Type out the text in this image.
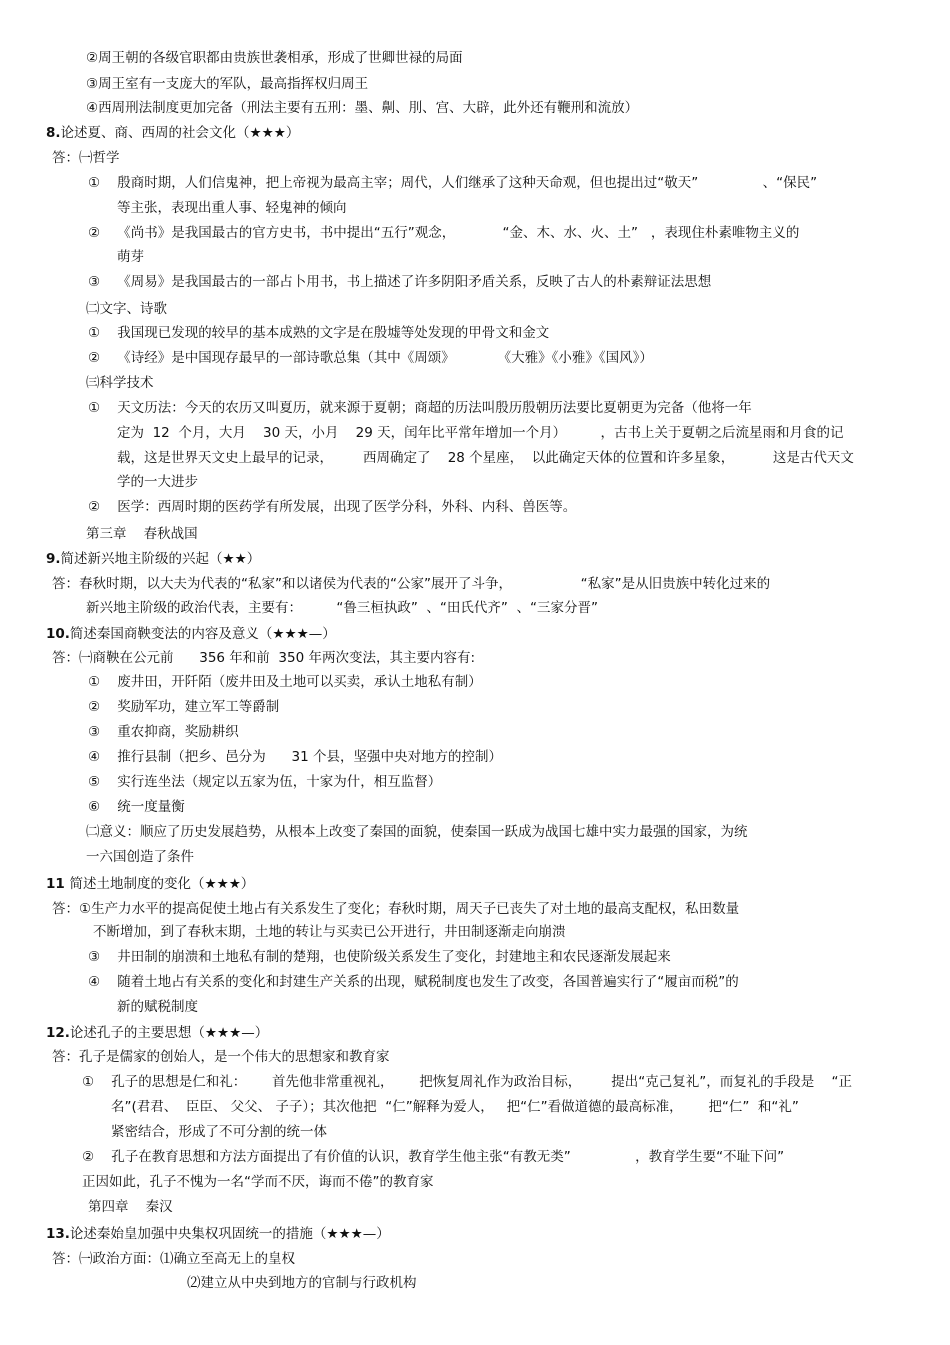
②周王朝的各级官职都由贵族世袭相承，形成了世卿世禄的局面
③周王室有一支庞大的军队，最高指挥权归周王
④西周刑法制度更加完备（刑法主要有五刑：墨、劓、刖、宫、大辟，此外还有鞭刑和流放）
8.论述夏、商、西周的社会文化（★★★）
答：㈠哲学
①    殷商时期，人们信鬼神，把上帝视为最高主宰；周代，人们继承了这种天命观，但也提出过“敬天”               、“保民”
等主张，表现出重人事、轻鬼神的倾向
②    《尚书》是我国最古的官方史书，书中提出“五行”观念，           “金、木、水、火、土”   ，表现住朴素唯物主义的
萌芽
③    《周易》是我国最古的一部占卜用书，书上描述了许多阴阳矛盾关系，反映了古人的朴素辩证法思想
㈡文字、诗歌
①    我国现已发现的较早的基本成熟的文字是在殷墟等处发现的甲骨文和金文
②    《诗经》是中国现存最早的一部诗歌总集（其中《周颂》          《大雅》《小雅》《国风》）
㈢科学技术
①    天文历法：今天的农历又叫夏历，就来源于夏朝；商超的历法叫殷历殷朝历法要比夏朝更为完备（他将一年
定为  12  个月，大月    30 天，小月    29 天，闰年比平常年增加一个月）        ，古书上关于夏朝之后流星雨和月食的记
载，这是世界天文史上最早的记录，       西周确定了    28 个星座，  以此确定天体的位置和许多星象，         这是古代天文
学的一大进步
②    医学：西周时期的医药学有所发展，出现了医学分科，外科、内科、兽医等。
第三章    春秋战国
9.简述新兴地主阶级的兴起（★★）
答：春秋时期，以大夫为代表的“私家”和以诸侯为代表的“公家”展开了斗争，                “私家”是从旧贵族中转化过来的
新兴地主阶级的政治代表，主要有：        “鲁三桓执政”  、“田氏代齐”  、“三家分晋”
10.简述秦国商鞅变法的内容及意义（★★★—）
答：㈠商鞅在公元前      356 年和前  350 年两次变法，其主要内容有:
①    废井田，开阡陌（废井田及土地可以买卖，承认土地私有制）
②    奖励军功，建立军工等爵制
③    重农抑商，奖励耕织
④    推行县制（把乡、邑分为      31 个县，坚强中央对地方的控制）
⑤    实行连坐法（规定以五家为伍，十家为什，相互监督）
⑥    统一度量衡
㈡意义：顺应了历史发展趋势，从根本上改变了秦国的面貌，使秦国一跃成为战国七雄中实力最强的国家，为统
一六国创造了条件
11 简述土地制度的变化（★★★）
答：①生产力水平的提高促使土地占有关系发生了变化；春秋时期，周天子已丧失了对土地的最高支配权，私田数量
不断增加，到了春秋末期，土地的转让与买卖已公开进行，井田制逐渐走向崩溃
③    井田制的崩溃和土地私有制的楚翔，也使阶级关系发生了变化，封建地主和农民逐渐发展起来
④    随着土地占有关系的变化和封建生产关系的出现，赋税制度也发生了改变，各国普遍实行了“履亩而税”的
新的赋税制度
12.论述孔子的主要思想（★★★—）
答：孔子是儒家的创始人，是一个伟大的思想家和教育家
①    孔子的思想是仁和礼：      首先他非常重视礼，      把恢复周礼作为政治目标，       提出“克己复礼”，而复礼的手段是    “正
名”(君君、  臣臣、 父父、 子子）；其次他把  “仁”解释为爱人，   把“仁”看做道德的最高标准，      把“仁”  和“礼”
紧密结合，形成了不可分割的统一体
②    孔子在教育思想和方法方面提出了有价值的认识，教育学生他主张“有教无类”               ，教育学生要“不耻下问”
正因如此，孔子不愧为一名“学而不厌，诲而不倦”的教育家
第四章    秦汉
13.论述秦始皇加强中央集权巩固统一的措施（★★★—）
答：㈠政治方面：⑴确立至高无上的皇权
⑵建立从中央到地方的官制与行政机构
